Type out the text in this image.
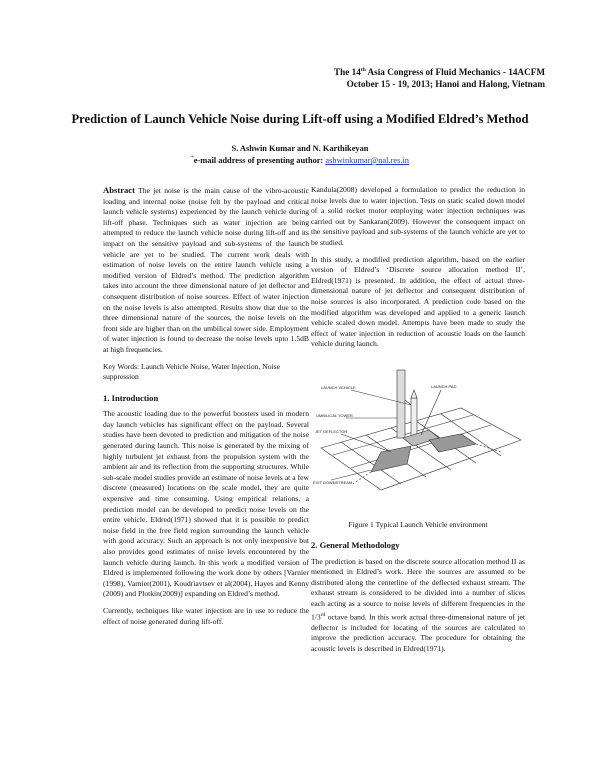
The 14th Asia Congress of Fluid Mechanics - 14ACFM
October 15 - 19, 2013; Hanoi and Halong, Vietnam
Prediction of Launch Vehicle Noise during Lift-off using a Modified Eldred’s Method
S. Ashwin Kumar and N. Karthikeyan
*e-mail address of presenting author: ashwinkumar@nal.res.in

Abstract The jet noise is the main cause of the vibro-acoustic loading and internal noise (noise felt by the payload and critical launch vehicle systems) experienced by the launch vehicle during lift-off phase. Techniques such as water injection are being attempted to reduce the launch vehicle noise during lift-off and its impact on the sensitive payload and sub-systems of the launch vehicle are yet to be studied. The current work deals with estimation of noise levels on the entire launch vehicle using a modified version of Eldred’s method. The prediction algorithm takes into account the three dimensional nature of jet deflector and consequent distribution of noise sources. Effect of water injection on the noise levels is also attempted. Results show that due to the three dimensional nature of the sources, the noise levels on the front side are higher than on the umbilical tower side. Employment of water injection is found to decrease the noise levels upto 1.5dB at high frequencies.

Key Words: Launch Vehicle Noise, Water Injection, Noise suppression

1. Introduction

The acoustic loading due to the powerful boosters used in modern day launch vehicles has significant effect on the payload. Several studies have been devoted to prediction and mitigation of the noise generated during launch. This noise is generated by the mixing of highly turbulent jet exhaust from the propulsion system with the ambient air and its reflection from the supporting structures. While sub-scale model studies provide an estimate of noise levels at a few discrete (measured) locations on the scale model, they are quite expensive and time consuming. Using empirical relations, a prediction model can be developed to predict noise levels on the entire vehicle. Eldred(1971) showed that it is possible to predict noise field in the free field region surrounding the launch vehicle with good accuracy. Such an approach is not only inexpensive but also provides good estimates of noise levels encountered by the launch vehicle during launch. In this work a modified version of Eldred is implemented following the work done by others [Varnier (1998), Varnier(2001), Koudriavtsev et al(2004), Hayes and Kenny (2009) and Plotkin(2009)] expanding on Eldred’s method.

Currently, techniques like water injection are in use to reduce the effect of noise generated during lift-off.

Kandula(2008) developed a formulation to predict the reduction in noise levels due to water injection. Tests on static scaled down model of a solid rocket motor employing water injection techniques was carried out by Sankaran(2009). However the consequent impact on the sensitive payload and sub-systems of the launch vehicle are yet to be studied.

In this study, a modified prediction algorithm, based on the earlier version of Eldred’s ‘Discrete source allocation method II’, Eldred(1971) is presented. In addition, the effect of actual three-dimensional nature of jet deflector and consequent distribution of noise sources is also incorporated. A prediction code based on the modified algorithm was developed and applied to a generic launch vehicle scaled down model. Attempts have been made to study the effect of water injection in reduction of acoustic loads on the launch vehicle during launch.

LAUNCH VEHICLE
UMBILICAL TOWER
JET DEFLECTOR
LAUNCH PAD
EXIT DOWNSTREAM
Figure 1 Typical Launch Vehicle environment
2. General Methodology

The prediction is based on the discrete source allocation method II as mentioned in Eldred’s work. Here the sources are assumed to be distributed along the centerline of the deflected exhaust stream. The exhaust stream is considered to be divided into a number of slices each acting as a source to noise levels of different frequencies in the 1/3rd octave band. In this work actual three-dimensional nature of jet deflector is included for locating of the sources are calculated to improve the prediction accuracy. The procedure for obtaining the acoustic levels is described in Eldred(1971).
